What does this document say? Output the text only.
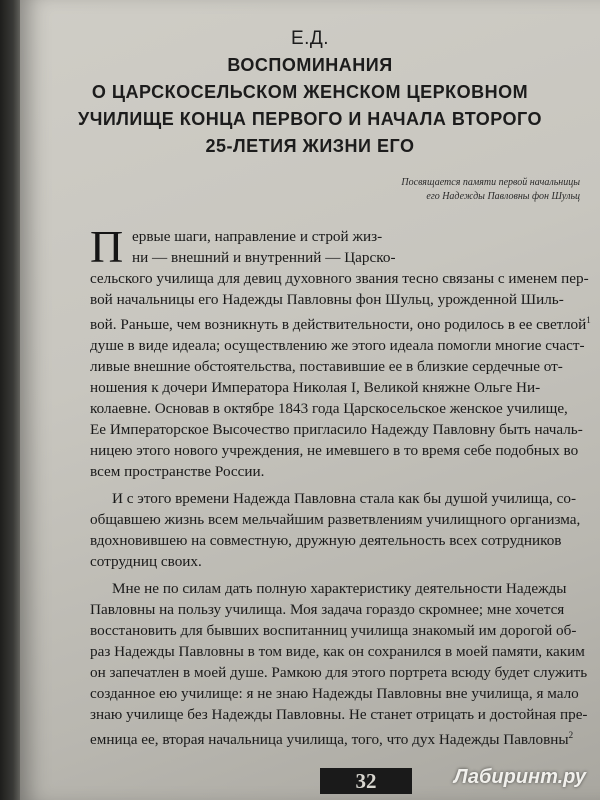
Е.Д.
ВОСПОМИНАНИЯ
О ЦАРСКОСЕЛЬСКОМ ЖЕНСКОМ ЦЕРКОВНОМ
УЧИЛИЩЕ КОНЦА ПЕРВОГО И НАЧАЛА ВТОРОГО
25-ЛЕТИЯ ЖИЗНИ ЕГО
Посвящается памяти первой начальницы
его Надежды Павловны фон Шульц

П ервые шаги, направление и строй жиз-
ни — внешний и внутренний — Царско-
сельского училища для девиц духовного звания тесно связаны с именем пер-
вой начальницы его Надежды Павловны фон Шульц, урожденной Шиль-
вой. Раньше, чем возникнуть в действительности, оно родилось в ее светлой$^1$
душе в виде идеала; осуществлению же этого идеала помогли многие счаст-
ливые внешние обстоятельства, поставившие ее в близкие сердечные от-
ношения к дочери Императора Николая I, Великой княжне Ольге Ни-
колаевне. Основав в октябре 1843 года Царскосельское женское училище,
Ее Императорское Высочество пригласило Надежду Павловну быть началь-
ницею этого нового учреждения, не имевшего в то время себе подобных во
всем пространстве России.

И с этого времени Надежда Павловна стала как бы душой училища, со-
общавшею жизнь всем мельчайшим разветвлениям училищного организма,
вдохновившею на совместную, дружную деятельность всех сотрудников
сотрудниц своих.

Мне не по силам дать полную характеристику деятельности Надежды
Павловны на пользу училища. Моя задача гораздо скромнее; мне хочется
восстановить для бывших воспитанниц училища знакомый им дорогой об-
раз Надежды Павловны в том виде, как он сохранился в моей памяти, каким
он запечатлен в моей душе. Рамкою для этого портрета всюду будет служить
созданное ею училище: я не знаю Надежды Павловны вне училища, я мало
знаю училище без Надежды Павловны. Не станет отрицать и достойная пре-
емница ее, вторая начальница училища, того, что дух Надежды Павловны$^2$

32	Лабиринт.ру
